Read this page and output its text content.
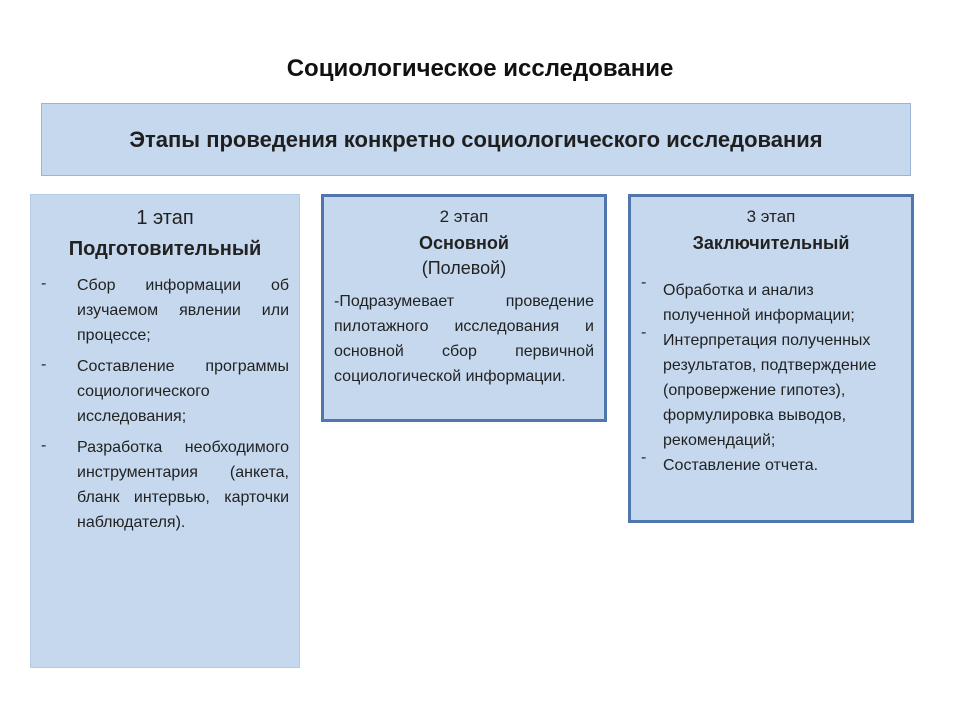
Социологическое исследование
Этапы проведения конкретно социологического исследования
1 этап
Подготовительный
- Сбор информации об изучаемом явлении или процессе;
- Составление программы социологического исследования;
- Разработка необходимого инструментария (анкета, бланк интервью, карточки наблюдателя).
2 этап
Основной
(Полевой)
-Подразумевает проведение пилотажного исследования и основной сбор первичной социологической информации.
3 этап
Заключительный
- Обработка и анализ полученной информации;
- Интерпретация полученных результатов, подтверждение (опровержение гипотез), формулировка выводов, рекомендаций;
- Составление отчета.
